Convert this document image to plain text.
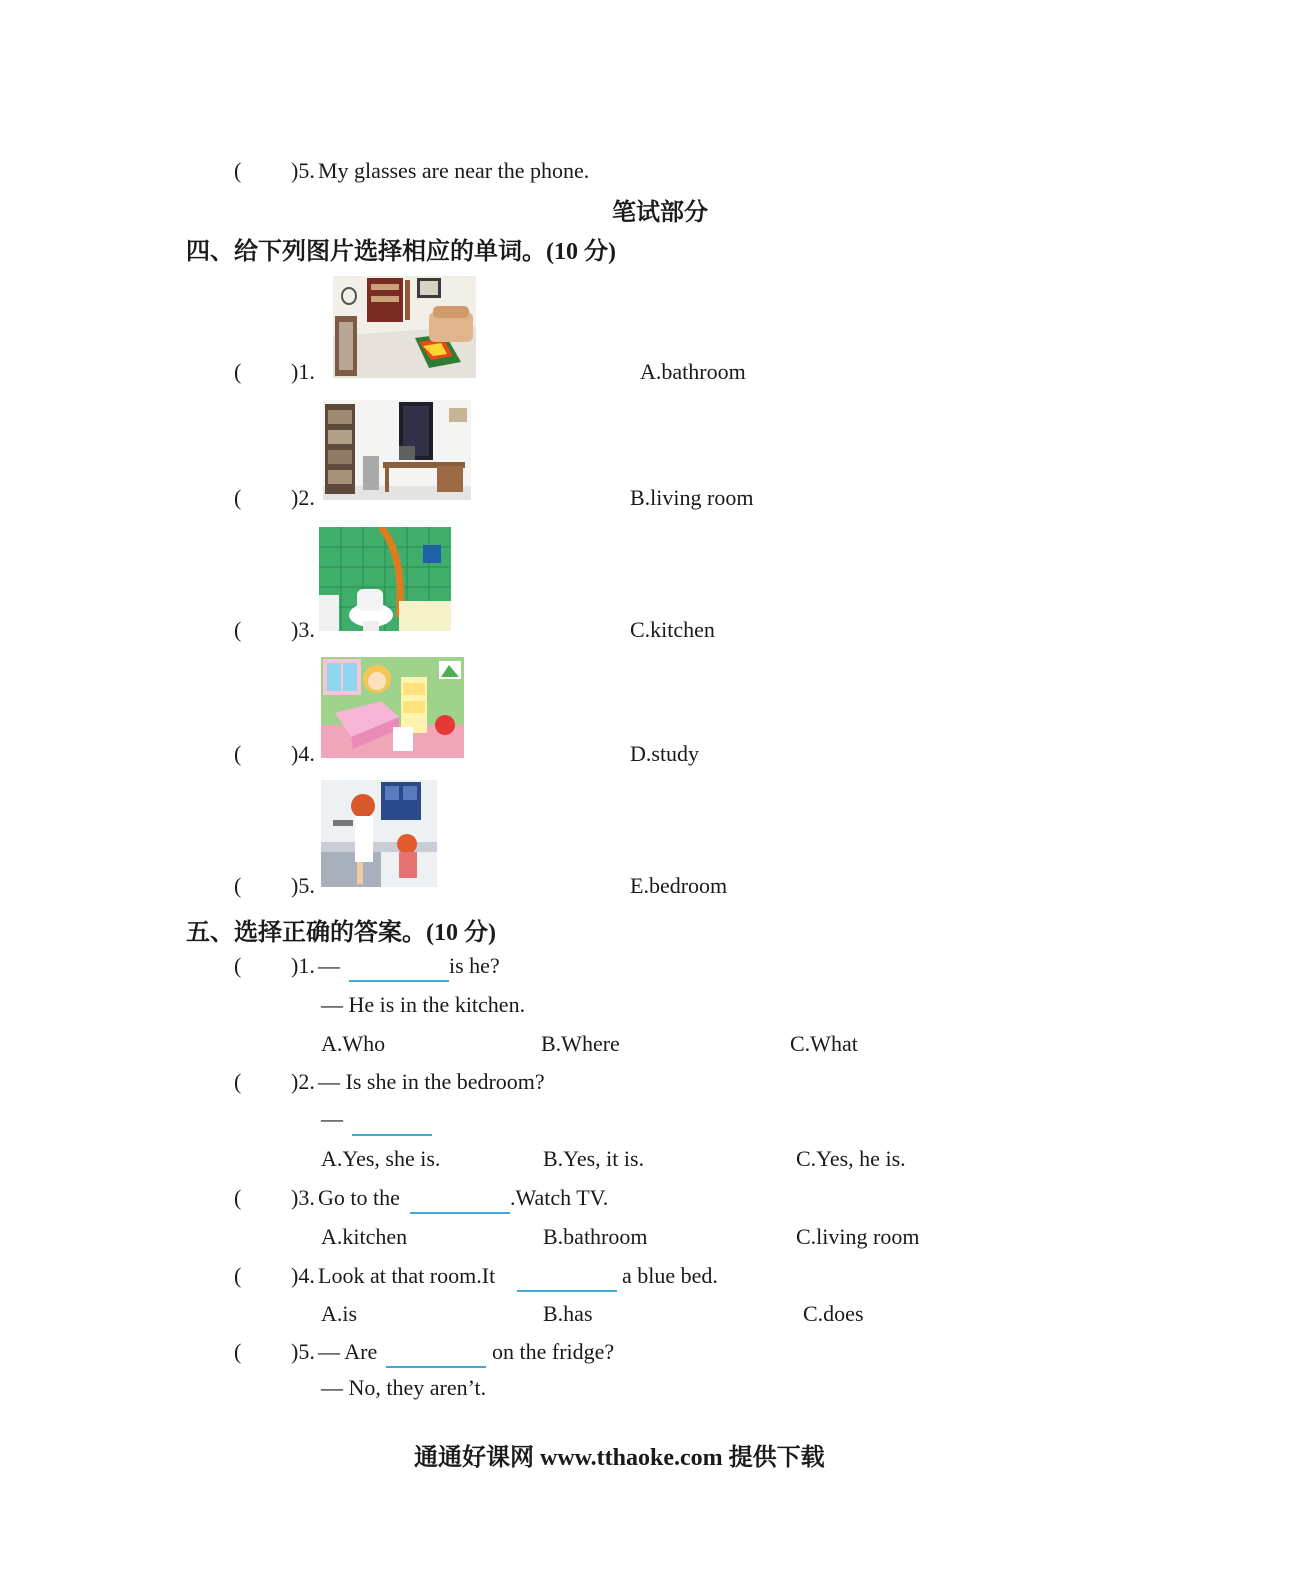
( )5. My glasses are near the phone.
笔试部分
四、给下列图片选择相应的单词。(10 分)
( )1.	A.bathroom
( )2.	B.living room
( )3.	C.kitchen
( )4.	D.study
( )5.	E.bedroom
五、选择正确的答案。(10 分)
( )1. —	is he?
— He is in the kitchen.
A.Who	B.Where	C.What
( )2. — Is she in the bedroom?
—
A.Yes, she is.	B.Yes, it is.	C.Yes, he is.
( )3. Go to the	.Watch TV.
A.kitchen	B.bathroom	C.living room
( )4. Look at that room.It	a blue bed.
A.is	B.has	C.does
( )5. — Are	on the fridge?
— No, they aren’t.
通通好课网 www.tthaoke.com 提供下载
